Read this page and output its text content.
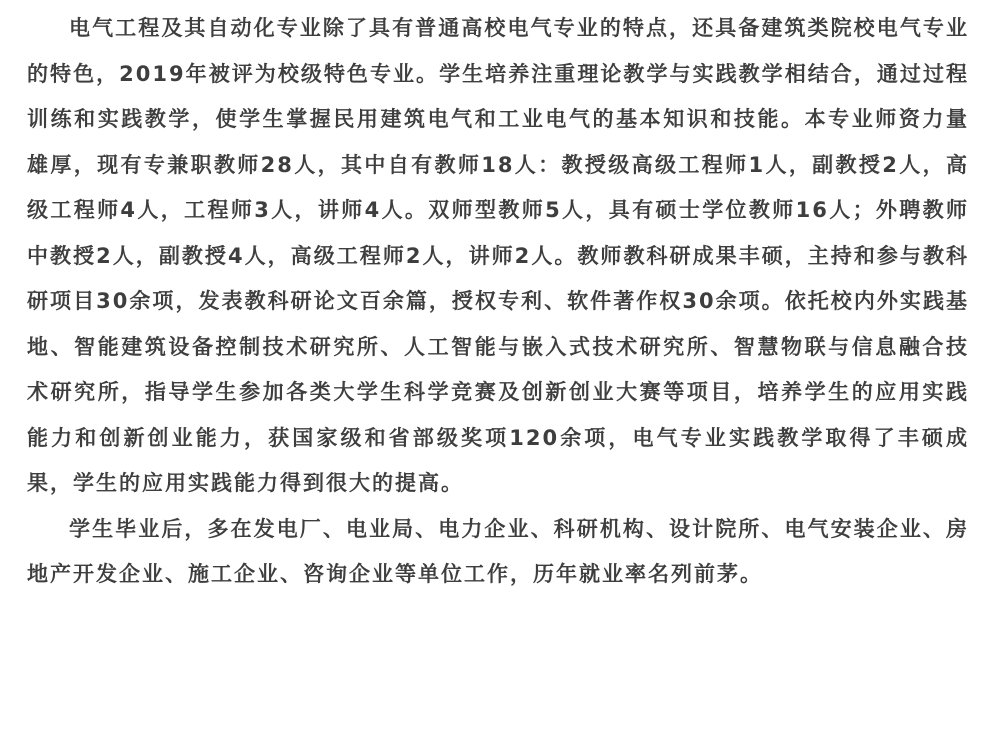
电气工程及其自动化专业除了具有普通高校电气专业的特点，还具备建筑类院校电气专业的特色，2019年被评为校级特色专业。学生培养注重理论教学与实践教学相结合，通过过程训练和实践教学，使学生掌握民用建筑电气和工业电气的基本知识和技能。本专业师资力量雄厚，现有专兼职教师28人，其中自有教师18人：教授级高级工程师1人，副教授2人，高级工程师4人，工程师3人，讲师4人。双师型教师5人，具有硕士学位教师16人；外聘教师中教授2人，副教授4人，高级工程师2人，讲师2人。教师教科研成果丰硕，主持和参与教科研项目30余项，发表教科研论文百余篇，授权专利、软件著作权30余项。依托校内外实践基地、智能建筑设备控制技术研究所、人工智能与嵌入式技术研究所、智慧物联与信息融合技术研究所，指导学生参加各类大学生科学竞赛及创新创业大赛等项目，培养学生的应用实践能力和创新创业能力，获国家级和省部级奖项120余项，电气专业实践教学取得了丰硕成果，学生的应用实践能力得到很大的提高。

学生毕业后，多在发电厂、电业局、电力企业、科研机构、设计院所、电气安装企业、房地产开发企业、施工企业、咨询企业等单位工作，历年就业率名列前茅。
